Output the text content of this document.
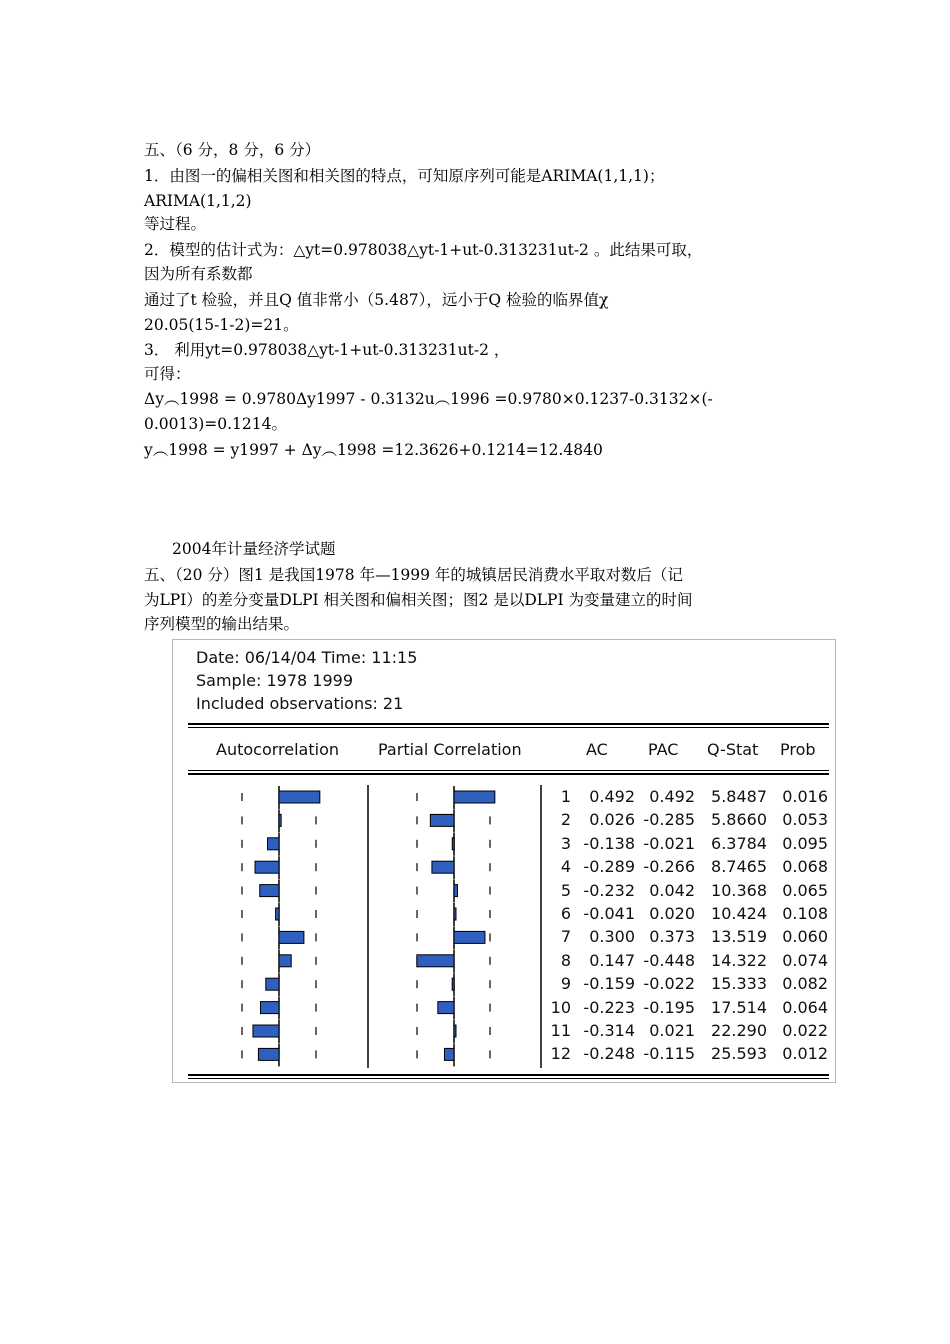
五、（6 分，8 分，6 分）
1．由图一的偏相关图和相关图的特点，可知原序列可能是ARIMA(1,1,1)；
ARIMA(1,1,2)
等过程。
2．模型的估计式为：△yt=0.978038△yt-1+ut-0.313231ut-2 。此结果可取，
因为所有系数都
通过了t 检验，并且Q 值非常小（5.487），远小于Q 检验的临界值χ
20.05(15-1-2)=21。
3． 利用yt=0.978038△yt-1+ut-0.313231ut-2 ，
可得：
Δy︵1998 = 0.9780Δy1997 - 0.3132u︵1996 =0.9780×0.1237-0.3132×(-
0.0013)=0.1214。
y︵1998 = y1997 + Δy︵1998 =12.3626+0.1214=12.4840
2004年计量经济学试题
五、（20 分）图1 是我国1978 年—1999 年的城镇居民消费水平取对数后（记
为LPI）的差分变量DLPI 相关图和偏相关图；图2 是以DLPI 为变量建立的时间
序列模型的输出结果。
Date: 06/14/04 Time: 11:15
Sample: 1978 1999
Included observations: 21
Autocorrelation Partial Correlation	AC	PAC Q-Stat Prob
1	0.492 0.492	5.8487 0.016
2	0.026 -0.285	5.8660 0.053
3 -0.138 -0.021	6.3784 0.095
4 -0.289 -0.266	8.7465 0.068
5 -0.232 0.042	10.368 0.065
6 -0.041 0.020	10.424 0.108
7	0.300 0.373	13.519 0.060
8	0.147 -0.448	14.322 0.074
9 -0.159 -0.022	15.333 0.082
10 -0.223 -0.195	17.514 0.064
11 -0.314 0.021	22.290 0.022
12 -0.248 -0.115	25.593 0.012
